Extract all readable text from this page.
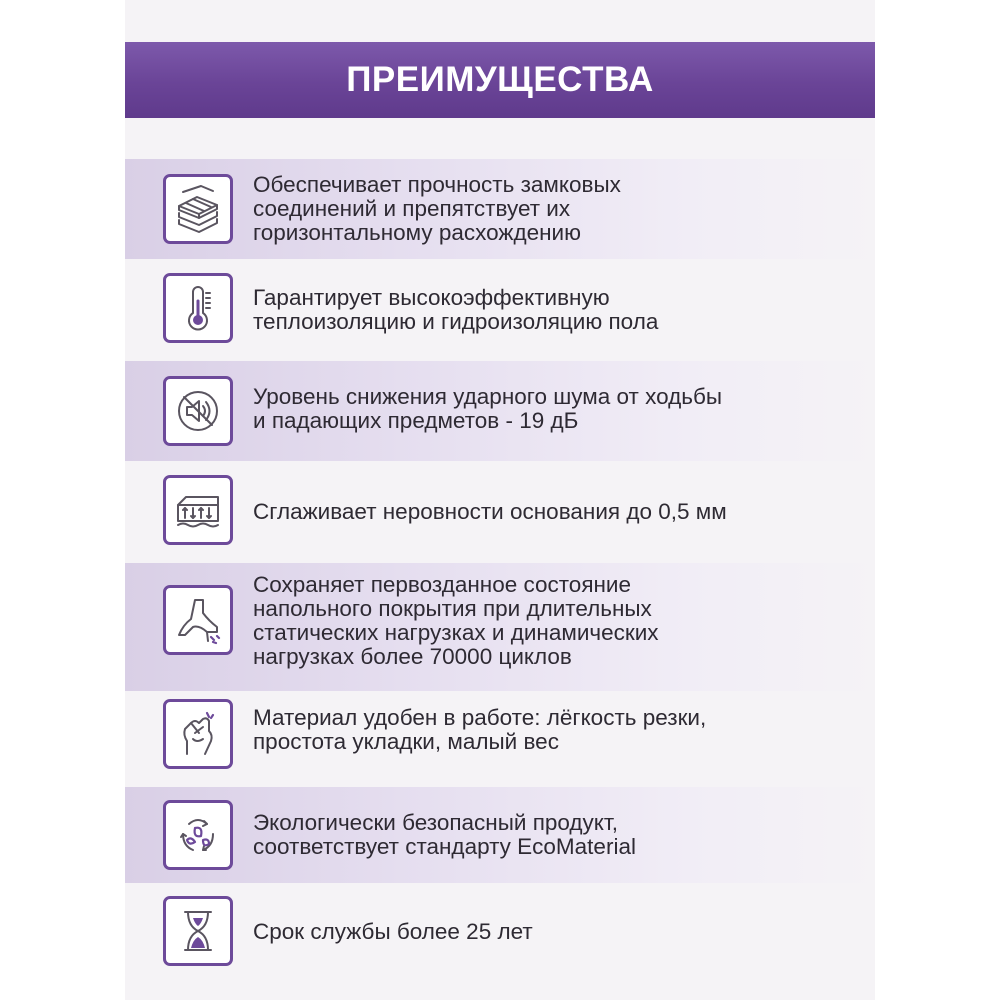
ПРЕИМУЩЕСТВА
Обеспечивает прочность замковых
соединений и препятствует их
горизонтальному расхождению
Гарантирует высокоэффективную
теплоизоляцию и гидроизоляцию пола
Уровень снижения ударного шума от ходьбы
и падающих предметов - 19 дБ
Сглаживает неровности основания до 0,5 мм
Сохраняет первозданное состояние
напольного покрытия при длительных
статических нагрузках и динамических
нагрузках более 70000 циклов
Материал удобен в работе: лёгкость резки,
простота укладки, малый вес
Экологически безопасный продукт,
соответствует стандарту EcoMaterial
Срок службы более 25 лет
